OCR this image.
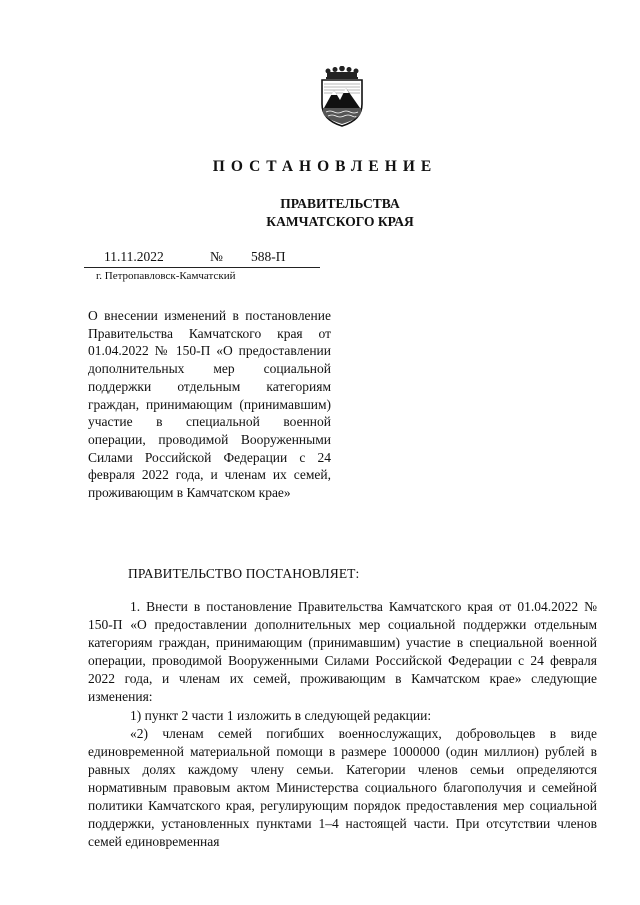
ПОСТАНОВЛЕНИЕ
ПРАВИТЕЛЬСТВА
КАМЧАТСКОГО КРАЯ
11.11.2022	№ 588-П
г. Петропавловск-Камчатский
О внесении изменений в постановление Правительства Камчатского края от 01.04.2022 № 150-П «О предоставлении дополнительных мер социальной поддержки отдельным категориям граждан, принимающим (принимавшим) участие в специальной военной операции, проводимой Вооруженными Силами Российской Федерации с 24 февраля 2022 года, и членам их семей, проживающим в Камчатском крае»
ПРАВИТЕЛЬСТВО ПОСТАНОВЛЯЕТ:

1. Внести в постановление Правительства Камчатского края от 01.04.2022 № 150-П «О предоставлении дополнительных мер социальной поддержки отдельным категориям граждан, принимающим (принимавшим) участие в специальной военной операции, проводимой Вооруженными Силами Российской Федерации с 24 февраля 2022 года, и членам их семей, проживающим в Камчатском крае» следующие изменения:

1) пункт 2 части 1 изложить в следующей редакции:

«2) членам семей погибших военнослужащих, добровольцев в виде единовременной материальной помощи в размере 1000000 (один миллион) рублей в равных долях каждому члену семьи. Категории членов семьи определяются нормативным правовым актом Министерства социального благополучия и семейной политики Камчатского края, регулирующим порядок предоставления мер социальной поддержки, установленных пунктами 1–4 настоящей части. При отсутствии членов семей единовременная
